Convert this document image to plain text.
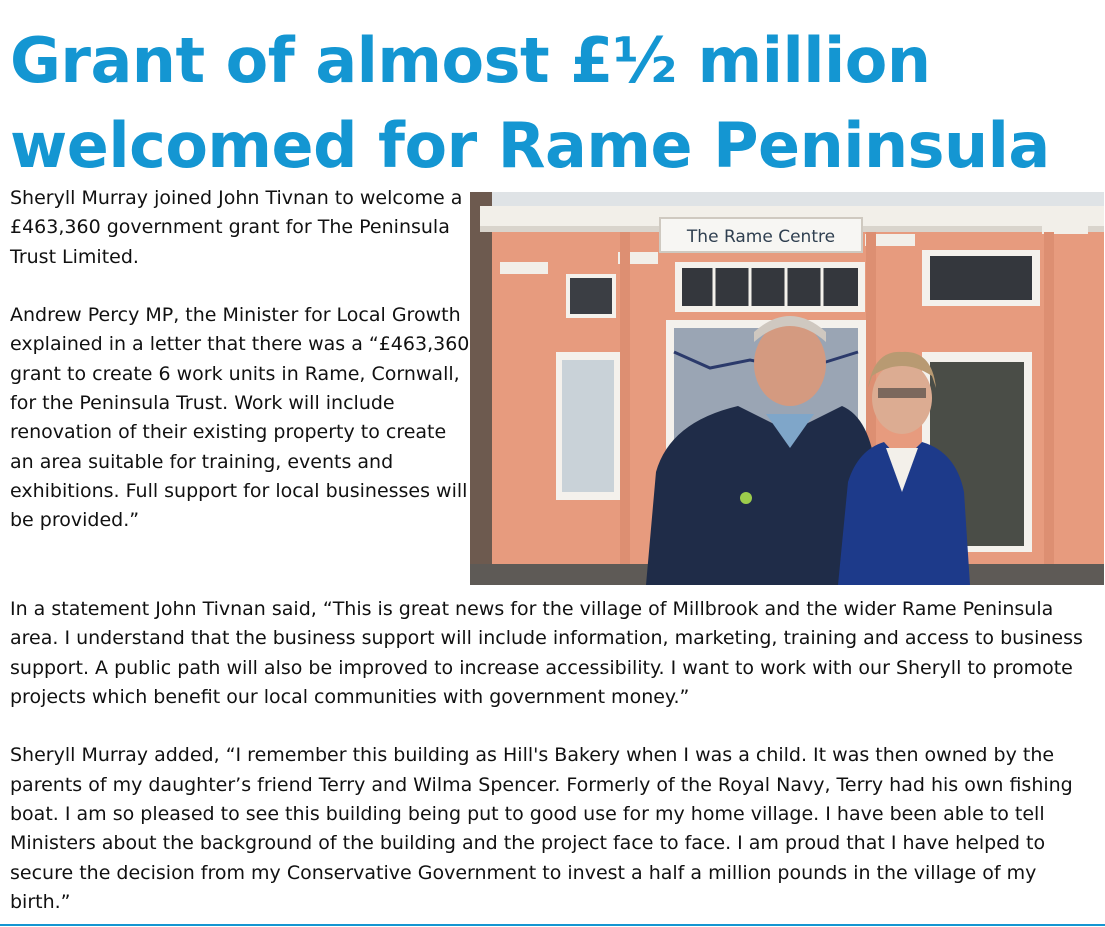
Grant of almost £½ million
welcomed for Rame Peninsula

Sheryll Murray joined John Tivnan to welcome a £463,360 government grant for The Peninsula Trust Limited.

Andrew Percy MP, the Minister for Local Growth explained in a letter that there was a “£463,360 grant to create 6 work units in Rame, Cornwall, for the Peninsula Trust. Work will include renovation of their existing property to create an area suitable for training, events and exhibitions. Full support for local businesses will be provided.”

The Rame Centre

In a statement John Tivnan said, “This is great news for the village of Millbrook and the wider Rame Peninsula area. I understand that the business support will include information, marketing, training and access to business support. A public path will also be improved to increase accessibility. I want to work with our Sheryll to promote projects which benefit our local communities with government money.”

Sheryll Murray added, “I remember this building as Hill's Bakery when I was a child. It was then owned by the parents of my daughter’s friend Terry and Wilma Spencer. Formerly of the Royal Navy, Terry had his own fishing boat. I am so pleased to see this building being put to good use for my home village. I have been able to tell Ministers about the background of the building and the project face to face. I am proud that I have helped to secure the decision from my Conservative Government to invest a half a million pounds in the village of my birth.”
